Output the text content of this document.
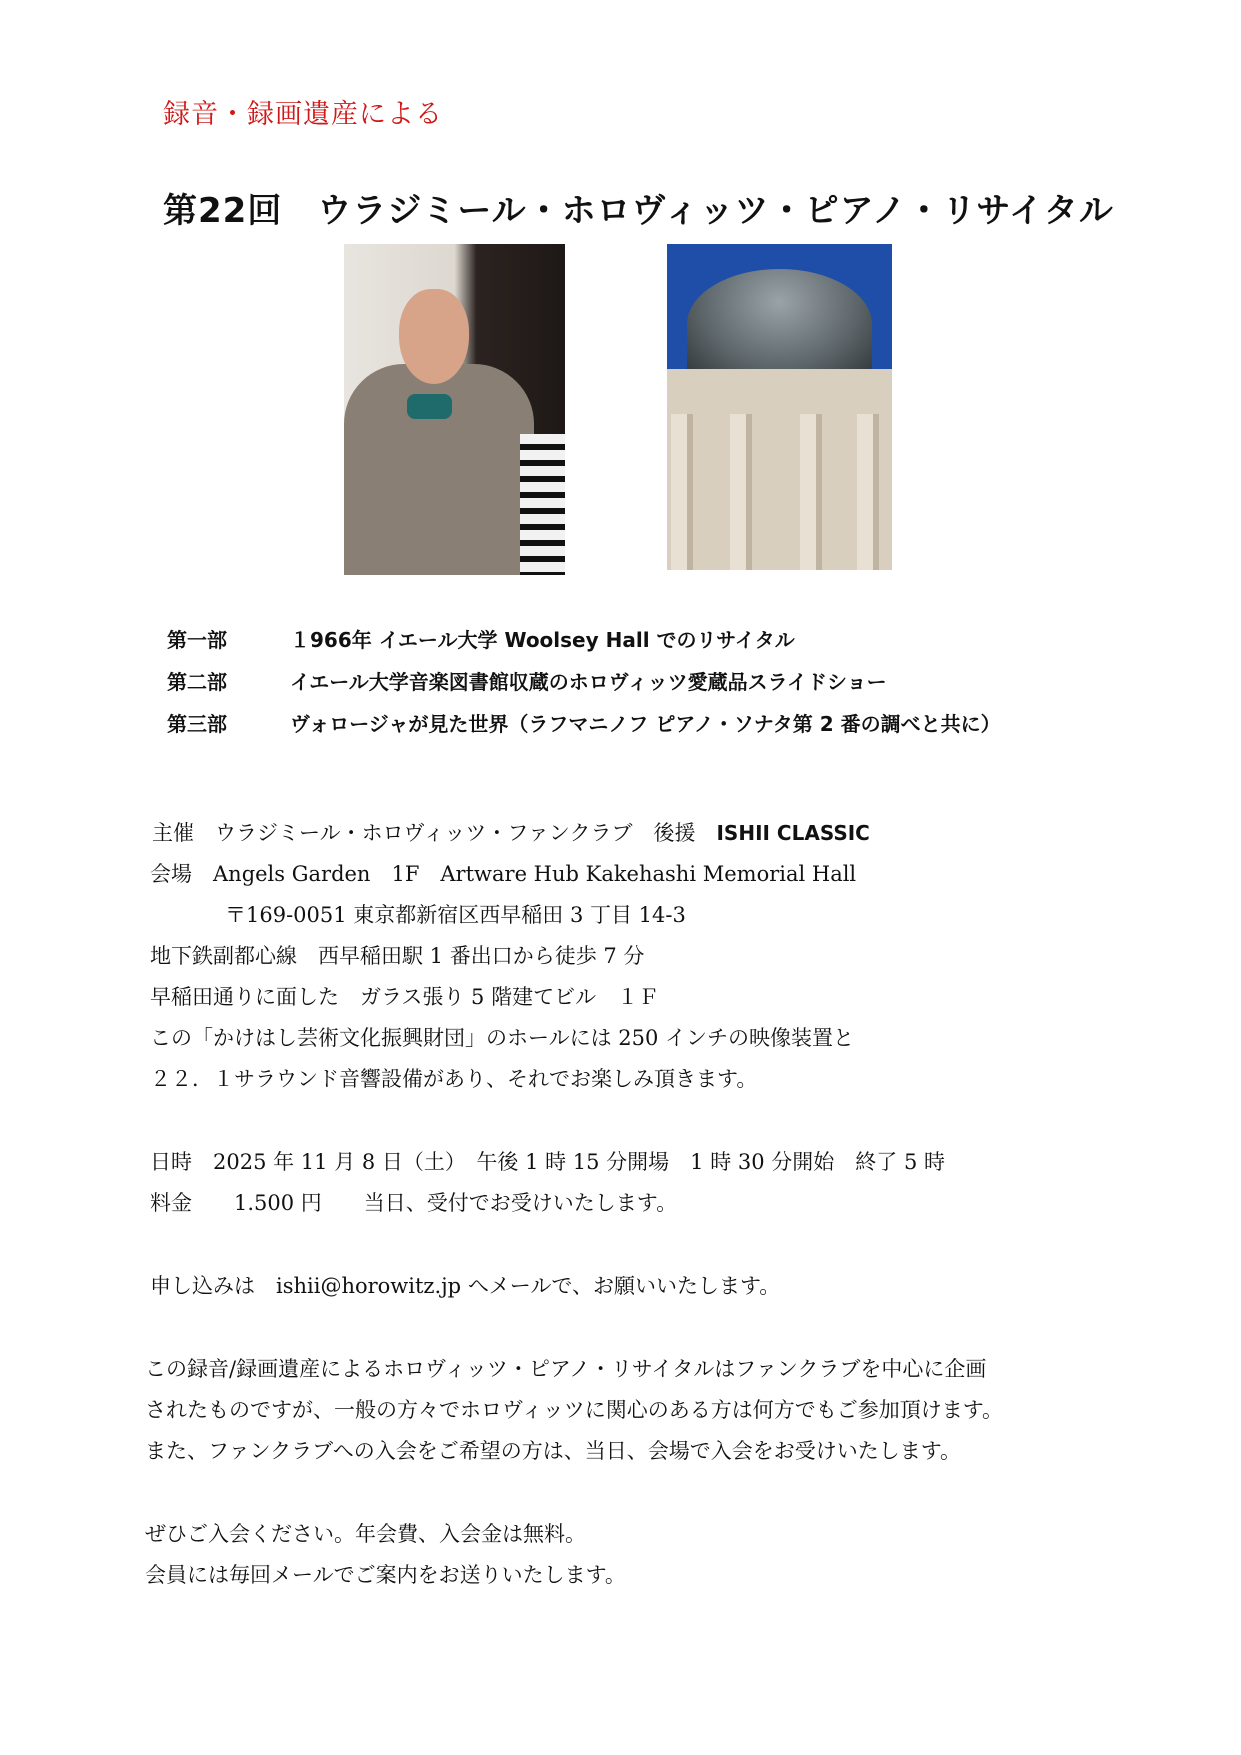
録音・録画遺産による
第22回　ウラジミール・ホロヴィッツ・ピアノ・リサイタル
第一部	１966年 イエール大学 Woolsey Hall でのリサイタル
第二部	イエール大学音楽図書館収蔵のホロヴィッツ愛蔵品スライドショー
第三部	ヴォロージャが見た世界（ラフマニノフ ピアノ・ソナタ第 2 番の調べと共に）
主催　 ウラジミール・ホロヴィッツ・ファンクラブ　 後援　 ISHII CLASSIC
会場　 Angels Garden　1F　Artware Hub Kakehashi Memorial Hall
〒169-0051 東京都新宿区西早稲田 3 丁目 14-3
地下鉄副都心線　西早稲田駅 1 番出口から徒歩 7 分
早稲田通りに面した　ガラス張り 5 階建てビル　１Ｆ
この「かけはし芸術文化振興財団」のホールには 250 インチの映像装置と
２２．１サラウンド音響設備があり、それでお楽しみ頂きます。
日時　 2025 年 11 月 8 日（土）　午後 1 時 15 分開場　1 時 30 分開始　終了 5 時
料金　　 1.500 円　　 当日、受付でお受けいたします。
申し込みは　 ishii@horowitz.jp へメールで、お願いいたします。
この録音/録画遺産によるホロヴィッツ・ピアノ・リサイタルはファンクラブを中心に企画
されたものですが、一般の方々でホロヴィッツに関心のある方は何方でもご参加頂けます。
また、ファンクラブへの入会をご希望の方は、当日、会場で入会をお受けいたします。
ぜひご入会ください。年会費、入会金は無料。
会員には毎回メールでご案内をお送りいたします。
